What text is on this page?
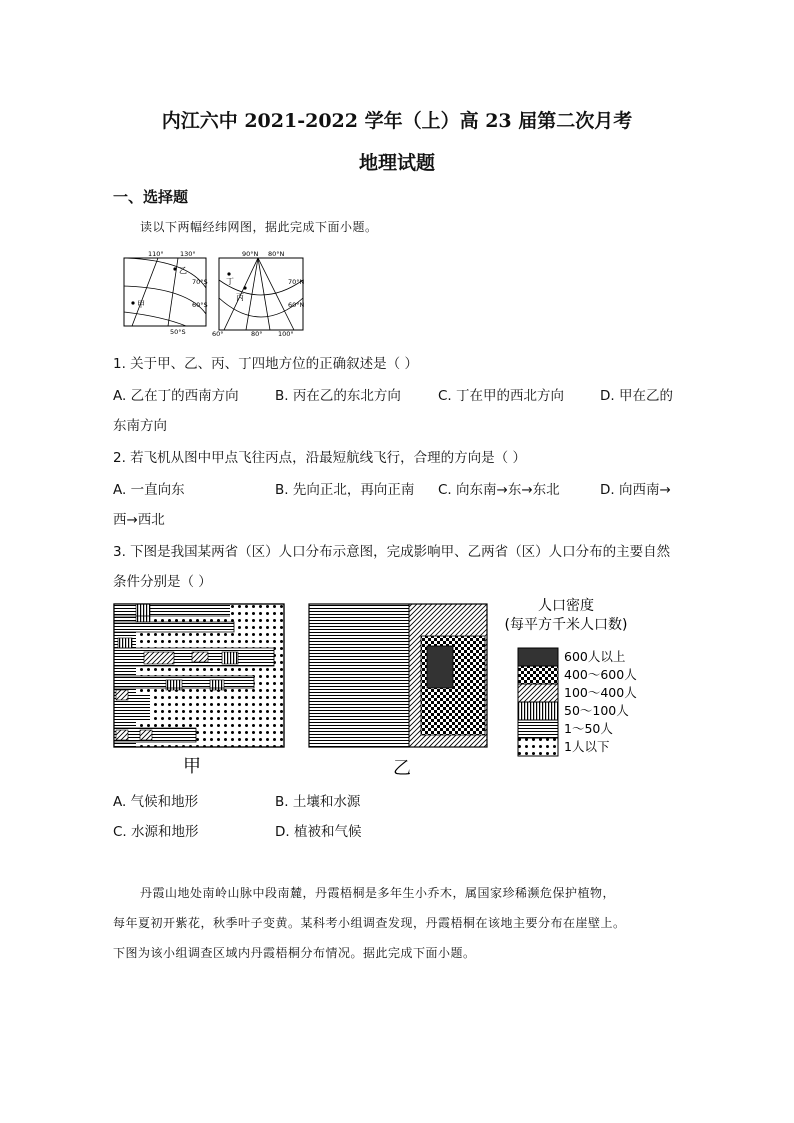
内江六中 2021-2022 学年（上）高 23 届第二次月考
地理试题
一、选择题
读以下两幅经纬网图，据此完成下面小题。
110°	130°
70°S
60°S
50°S
乙
甲
90°N 80°N
70°N
60°N
60°	80° 100°
丁
丙
1. 关于甲、乙、丙、丁四地方位的正确叙述是（ ）
A. 乙在丁的西南方向	B. 丙在乙的东北方向	C. 丁在甲的西北方向	D. 甲在乙的
东南方向
2. 若飞机从图中甲点飞往丙点，沿最短航线飞行，合理的方向是（ ）
A. 一直向东	B. 先向正北，再向正南 C. 向东南→东→东北	D. 向西南→
西→西北
3. 下图是我国某两省（区）人口分布示意图，完成影响甲、乙两省（区）人口分布的主要自然
条件分别是（ ）
甲	乙
人口密度
(每平方千米人口数)
600人以上
400～600人
100～400人
50～100人
1～50人
1人以下
A. 气候和地形	B. 土壤和水源
C. 水源和地形	D. 植被和气候
丹霞山地处南岭山脉中段南麓，丹霞梧桐是多年生小乔木，属国家珍稀濒危保护植物，
每年夏初开紫花，秋季叶子变黄。某科考小组调查发现，丹霞梧桐在该地主要分布在崖壁上。
下图为该小组调查区域内丹霞梧桐分布情况。据此完成下面小题。
